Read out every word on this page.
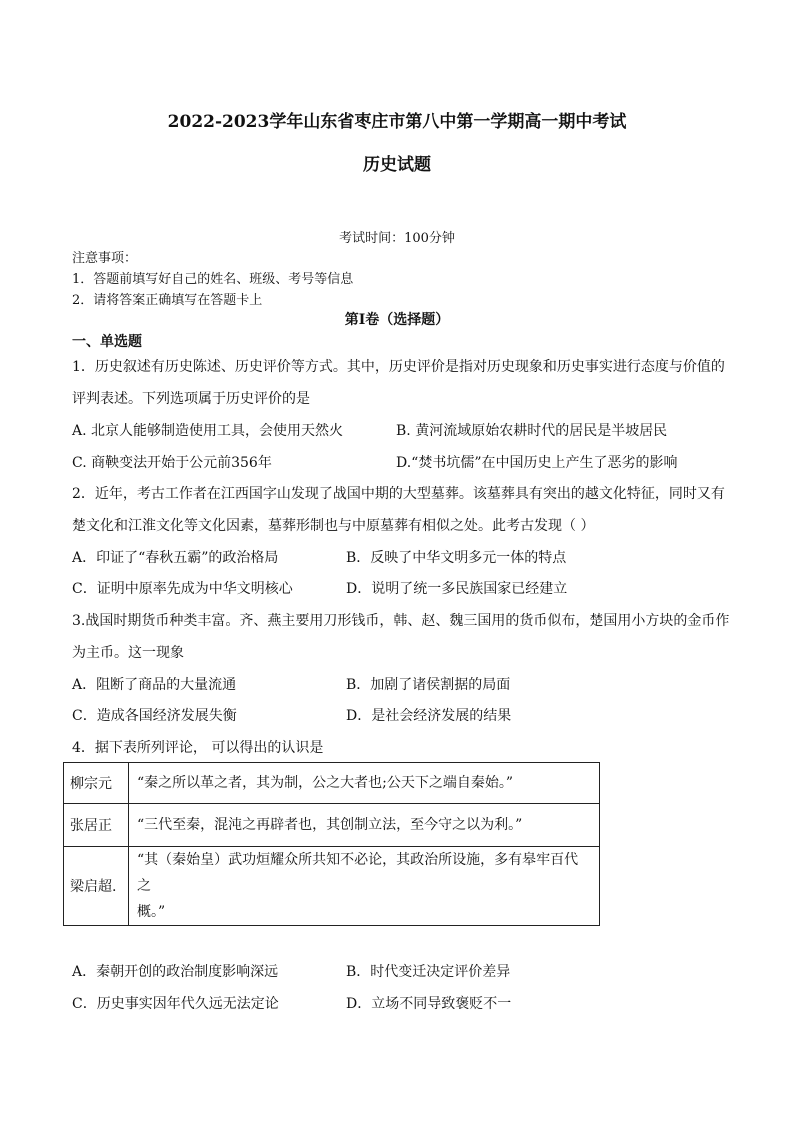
2022-2023学年山东省枣庄市第八中第一学期高一期中考试
历史试题
考试时间：100分钟
注意事项：
1．答题前填写好自己的姓名、班级、考号等信息
2．请将答案正确填写在答题卡上
第I卷（选择题）
一、单选题
1．历史叙述有历史陈述、历史评价等方式。其中，历史评价是指对历史现象和历史事实进行态度与价值的
评判表述。下列选项属于历史评价的是
A. 北京人能够制造使用工具，会使用天然火	B. 黄河流域原始农耕时代的居民是半坡居民
C. 商鞅变法开始于公元前356年	D.“焚书坑儒”在中国历史上产生了恶劣的影响
2．近年，考古工作者在江西国字山发现了战国中期的大型墓葬。该墓葬具有突出的越文化特征，同时又有
楚文化和江淮文化等文化因素，墓葬形制也与中原墓葬有相似之处。此考古发现（ ）
A．印证了“春秋五霸”的政治格局	B．反映了中华文明多元一体的特点
C．证明中原率先成为中华文明核心	D．说明了统一多民族国家已经建立
3.战国时期货币种类丰富。齐、燕主要用刀形钱币，韩、赵、魏三国用的货币似布，楚国用小方块的金币作
为主币。这一现象
A．阻断了商品的大量流通	B．加剧了诸侯割据的局面
C．造成各国经济发展失衡	D．是社会经济发展的结果
4．据下表所列评论， 可以得出的认识是
柳宗元	“秦之所以革之者，其为制，公之大者也;公天下之端自秦始。”
张居正	“三代至秦，混沌之再辟者也，其创制立法，至今守之以为利。”
梁启超.	“其（秦始皇）武功烜耀众所共知不必论，其政治所设施，多有皋牢百代之
概。”
A．秦朝开创的政治制度影响深远	B．时代变迁决定评价差异
C．历史事实因年代久远无法定论	D．立场不同导致褒贬不一
